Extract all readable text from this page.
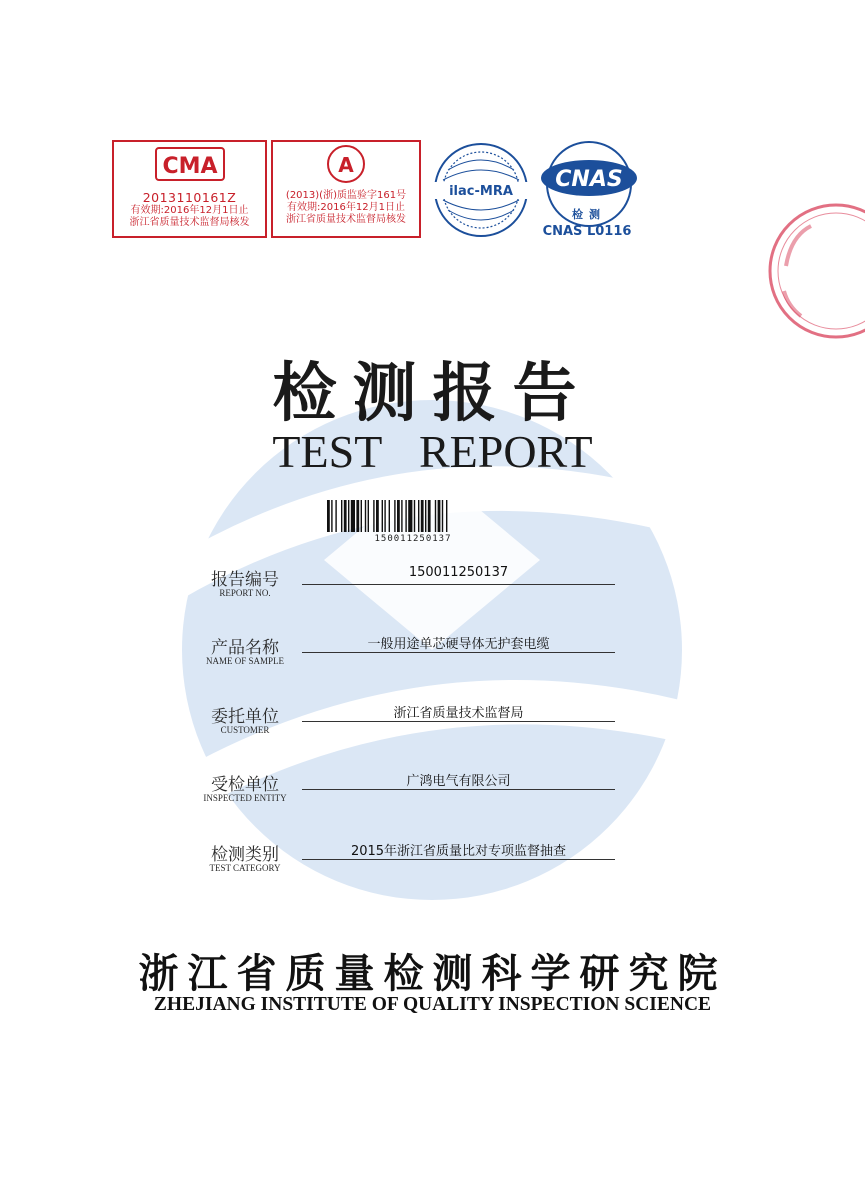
CMA
2013110161Z
有效期:2016年12月1日止
浙江省质量技术监督局核发
A
CAL
(2013)(浙)质监验字161号
有效期:2016年12月1日止
浙江省质量技术监督局核发
ilac-MRA CNAS
检测
CNAS L0116
检测报告
TEST REPORT
150011250137
报告编号
REPORT NO.
150011250137
产品名称
NAME OF SAMPLE
一般用途单芯硬导体无护套电缆
委托单位
CUSTOMER
浙江省质量技术监督局
受检单位
INSPECTED ENTITY
广鸿电气有限公司
检测类别
TEST CATEGORY
2015年浙江省质量比对专项监督抽查
浙江省质量检测科学研究院
ZHEJIANG INSTITUTE OF QUALITY INSPECTION SCIENCE
